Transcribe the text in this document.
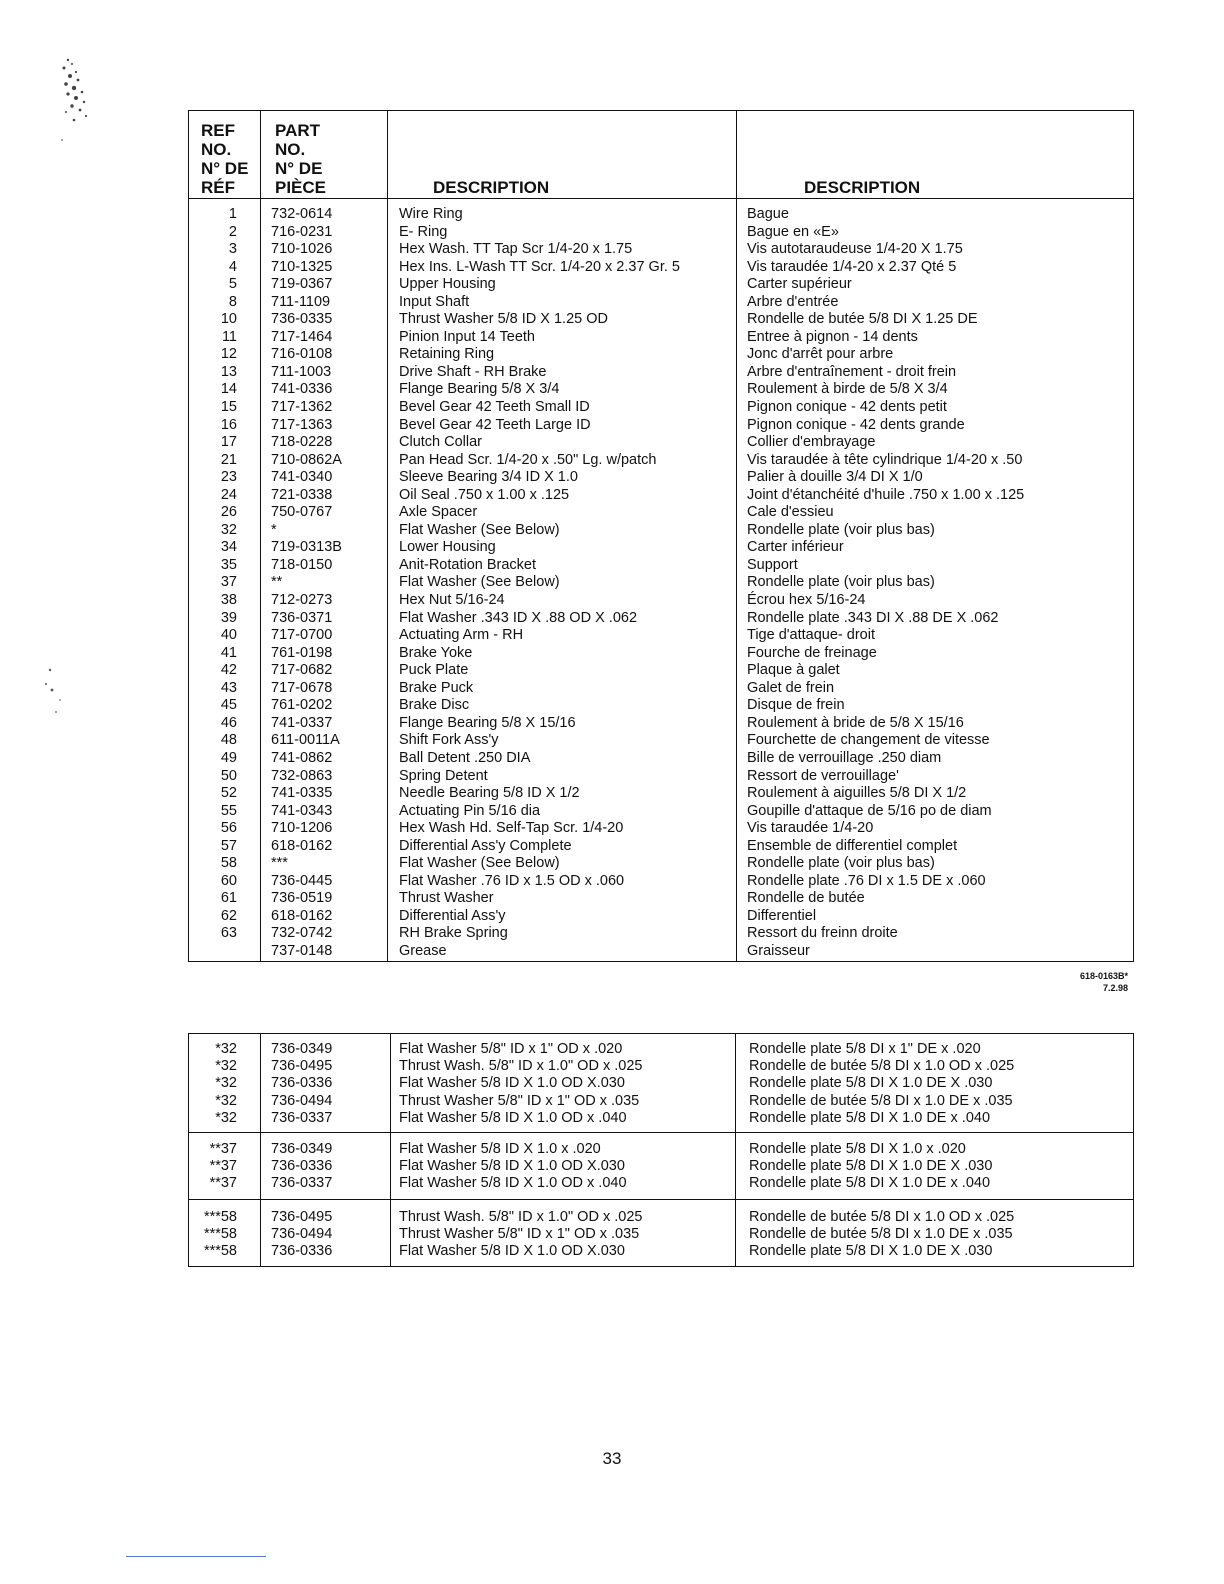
REF
NO.
N° DE
RÉF
PART
NO.
N° DE
PIÈCE	DESCRIPTION	DESCRIPTION
1 732-0614	Wire Ring	Bague
2 716-0231	E- Ring	Bague en «E»
3 710-1026	Hex Wash. TT Tap Scr 1/4-20 x 1.75	Vis autotaraudeuse 1/4-20 X 1.75
4 710-1325	Hex Ins. L-Wash TT Scr. 1/4-20 x 2.37 Gr. 5	Vis taraudée 1/4-20 x 2.37 Qté 5
5 719-0367	Upper Housing	Carter supérieur
8 711-1109	Input Shaft	Arbre d'entrée
10 736-0335	Thrust Washer 5/8 ID X 1.25 OD	Rondelle de butée 5/8 DI X 1.25 DE
11 717-1464	Pinion Input 14 Teeth	Entree à pignon - 14 dents
12 716-0108	Retaining Ring	Jonc d'arrêt pour arbre
13 711-1003	Drive Shaft - RH Brake	Arbre d'entraînement - droit frein
14 741-0336	Flange Bearing 5/8 X 3/4	Roulement à birde de 5/8 X 3/4
15 717-1362	Bevel Gear 42 Teeth Small ID	Pignon conique - 42 dents petit
16 717-1363	Bevel Gear 42 Teeth Large ID	Pignon conique - 42 dents grande
17 718-0228	Clutch Collar	Collier d'embrayage
21 710-0862A	Pan Head Scr. 1/4-20 x .50" Lg. w/patch	Vis taraudée à tête cylindrique 1/4-20 x .50
23 741-0340	Sleeve Bearing 3/4 ID X 1.0	Palier à douille 3/4 DI X 1/0
24 721-0338	Oil Seal .750 x 1.00 x .125	Joint d'étanchéité d'huile .750 x 1.00 x .125
26 750-0767	Axle Spacer	Cale d'essieu
32 *	Flat Washer (See Below)	Rondelle plate (voir plus bas)
34 719-0313B	Lower Housing	Carter inférieur
35 718-0150	Anit-Rotation Bracket	Support
37 **	Flat Washer (See Below)	Rondelle plate (voir plus bas)
38 712-0273	Hex Nut 5/16-24	Écrou hex 5/16-24
39 736-0371	Flat Washer .343 ID X .88 OD X .062	Rondelle plate .343 DI X .88 DE X .062
40 717-0700	Actuating Arm - RH	Tige d'attaque- droit
41 761-0198	Brake Yoke	Fourche de freinage
42 717-0682	Puck Plate	Plaque à galet
43 717-0678	Brake Puck	Galet de frein
45 761-0202	Brake Disc	Disque de frein
46 741-0337	Flange Bearing 5/8 X 15/16	Roulement à bride de 5/8 X 15/16
48 611-0011A	Shift Fork Ass'y	Fourchette de changement de vitesse
49 741-0862	Ball Detent .250 DIA	Bille de verrouillage .250 diam
50 732-0863	Spring Detent	Ressort de verrouillage'
52 741-0335	Needle Bearing 5/8 ID X 1/2	Roulement à aiguilles 5/8 DI X 1/2
55 741-0343	Actuating Pin 5/16 dia	Goupille d'attaque de 5/16 po de diam
56 710-1206	Hex Wash Hd. Self-Tap Scr. 1/4-20	Vis taraudée 1/4-20
57 618-0162	Differential Ass'y Complete	Ensemble de differentiel complet
58 ***	Flat Washer (See Below)	Rondelle plate (voir plus bas)
60 736-0445	Flat Washer .76 ID x 1.5 OD x .060	Rondelle plate .76 DI x 1.5 DE x .060
61 736-0519	Thrust Washer	Rondelle de butée
62 618-0162	Differential Ass'y	Differentiel
63 732-0742	RH Brake Spring	Ressort du freinn droite
737-0148	Grease	Graisseur
618-0163B*
7.2.98
*32 736-0349	Flat Washer 5/8" ID x 1" OD x .020	Rondelle plate 5/8 DI x 1" DE x .020
*32 736-0495	Thrust Wash. 5/8" ID x 1.0" OD x .025	Rondelle de butée 5/8 DI x 1.0 OD x .025
*32 736-0336	Flat Washer 5/8 ID X 1.0 OD X.030	Rondelle plate 5/8 DI X 1.0 DE X .030
*32 736-0494	Thrust Washer 5/8" ID x 1" OD x .035	Rondelle de butée 5/8 DI x 1.0 DE x .035
*32 736-0337	Flat Washer 5/8 ID X 1.0 OD x .040	Rondelle plate 5/8 DI X 1.0 DE x .040
**37 736-0349	Flat Washer 5/8 ID X 1.0 x .020	Rondelle plate 5/8 DI X 1.0 x .020
**37 736-0336	Flat Washer 5/8 ID X 1.0 OD X.030	Rondelle plate 5/8 DI X 1.0 DE X .030
**37 736-0337	Flat Washer 5/8 ID X 1.0 OD x .040	Rondelle plate 5/8 DI X 1.0 DE x .040
***58 736-0495	Thrust Wash. 5/8" ID x 1.0" OD x .025	Rondelle de butée 5/8 DI x 1.0 OD x .025
***58 736-0494	Thrust Washer 5/8" ID x 1" OD x .035	Rondelle de butée 5/8 DI x 1.0 DE x .035
***58 736-0336	Flat Washer 5/8 ID X 1.0 OD X.030	Rondelle plate 5/8 DI X 1.0 DE X .030
33
